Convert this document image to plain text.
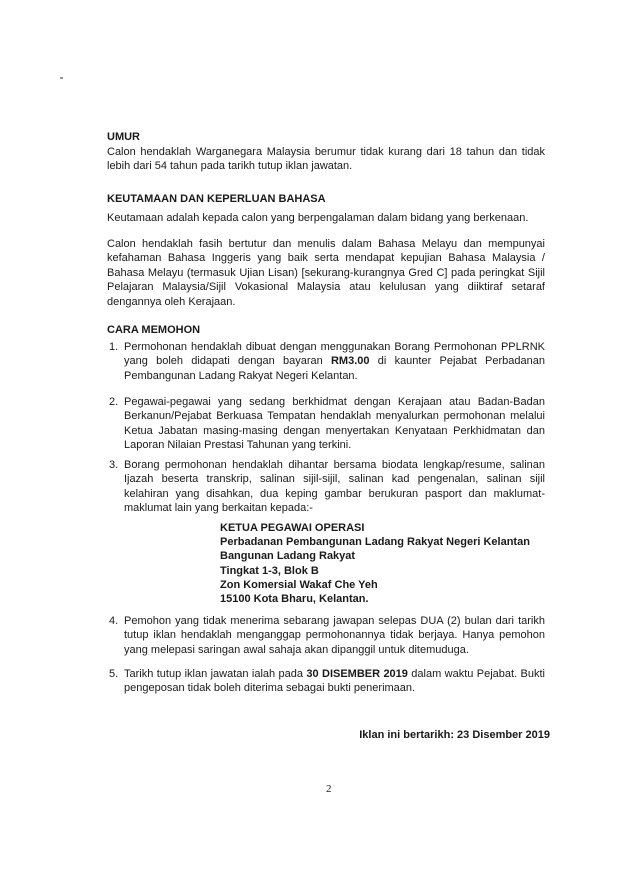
UMUR
Calon hendaklah Warganegara Malaysia berumur tidak kurang dari 18 tahun dan tidak lebih dari 54 tahun pada tarikh tutup iklan jawatan.
KEUTAMAAN DAN KEPERLUAN BAHASA
Keutamaan adalah kepada calon yang berpengalaman dalam bidang yang berkenaan.
Calon hendaklah fasih bertutur dan menulis dalam Bahasa Melayu dan mempunyai kefahaman Bahasa Inggeris yang baik serta mendapat kepujian Bahasa Malaysia / Bahasa Melayu (termasuk Ujian Lisan) [sekurang-kurangnya Gred C] pada peringkat Sijil Pelajaran Malaysia/Sijil Vokasional Malaysia atau kelulusan yang diiktiraf setaraf dengannya oleh Kerajaan.
CARA MEMOHON
1. Permohonan hendaklah dibuat dengan menggunakan Borang Permohonan PPLRNK yang boleh didapati dengan bayaran RM3.00 di kaunter Pejabat Perbadanan Pembangunan Ladang Rakyat Negeri Kelantan.
2. Pegawai-pegawai yang sedang berkhidmat dengan Kerajaan atau Badan-Badan Berkanun/Pejabat Berkuasa Tempatan hendaklah menyalurkan permohonan melalui Ketua Jabatan masing-masing dengan menyertakan Kenyataan Perkhidmatan dan Laporan Nilaian Prestasi Tahunan yang terkini.
3. Borang permohonan hendaklah dihantar bersama biodata lengkap/resume, salinan Ijazah beserta transkrip, salinan sijil-sijil, salinan kad pengenalan, salinan sijil kelahiran yang disahkan, dua keping gambar berukuran pasport dan maklumat-maklumat lain yang berkaitan kepada:-
KETUA PEGAWAI OPERASI
Perbadanan Pembangunan Ladang Rakyat Negeri Kelantan
Bangunan Ladang Rakyat
Tingkat 1-3, Blok B
Zon Komersial Wakaf Che Yeh
15100 Kota Bharu, Kelantan.
4. Pemohon yang tidak menerima sebarang jawapan selepas DUA (2) bulan dari tarikh tutup iklan hendaklah menganggap permohonannya tidak berjaya. Hanya pemohon yang melepasi saringan awal sahaja akan dipanggil untuk ditemuduga.
5. Tarikh tutup iklan jawatan ialah pada 30 DISEMBER 2019 dalam waktu Pejabat. Bukti pengeposan tidak boleh diterima sebagai bukti penerimaan.
Iklan ini bertarikh: 23 Disember 2019
2
